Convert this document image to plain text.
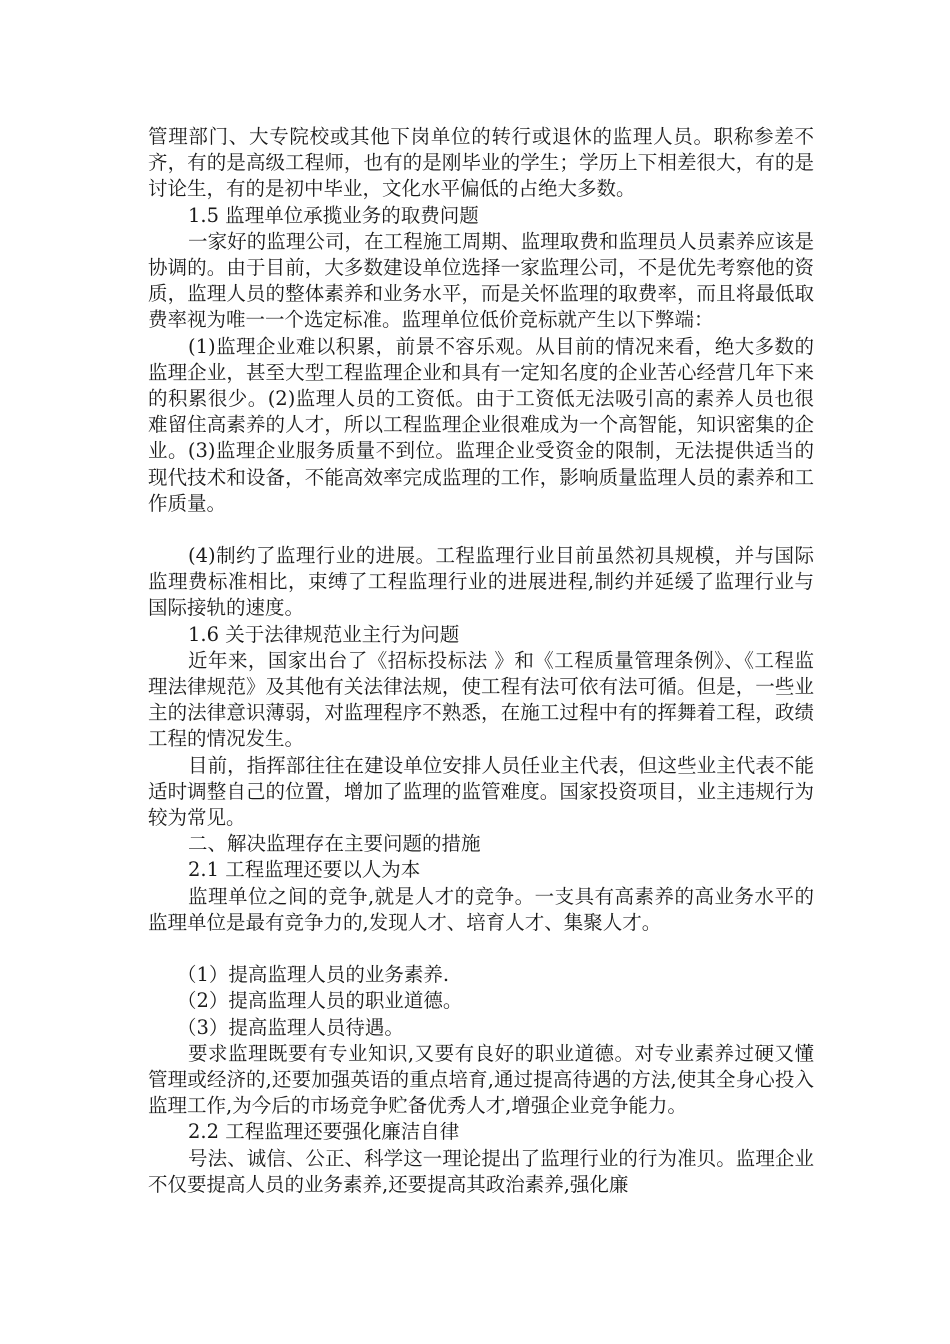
管理部门、大专院校或其他下岗单位的转行或退休的监理人员。职称参差不齐，有的是高级工程师，也有的是刚毕业的学生；学历上下相差很大，有的是讨论生，有的是初中毕业，文化水平偏低的占绝大多数。

1.5 监理单位承揽业务的取费问题

一家好的监理公司，在工程施工周期、监理取费和监理员人员素养应该是协调的。由于目前，大多数建设单位选择一家监理公司，不是优先考察他的资质，监理人员的整体素养和业务水平，而是关怀监理的取费率，而且将最低取费率视为唯一一个选定标准。监理单位低价竞标就产生以下弊端：

(1)监理企业难以积累，前景不容乐观。从目前的情况来看，绝大多数的监理企业，甚至大型工程监理企业和具有一定知名度的企业苦心经营几年下来的积累很少。(2)监理人员的工资低。由于工资低无法吸引高的素养人员也很难留住高素养的人才，所以工程监理企业很难成为一个高智能，知识密集的企业。(3)监理企业服务质量不到位。监理企业受资金的限制，无法提供适当的现代技术和设备，不能高效率完成监理的工作，影响质量监理人员的素养和工作质量。

(4)制约了监理行业的进展。工程监理行业目前虽然初具规模，并与国际监理费标准相比，束缚了工程监理行业的进展进程,制约并延缓了监理行业与国际接轨的速度。

1.6 关于法律规范业主行为问题

近年来，国家出台了《招标投标法 》和《工程质量管理条例》、《工程监理法律规范》及其他有关法律法规，使工程有法可依有法可循。但是，一些业主的法律意识薄弱，对监理程序不熟悉，在施工过程中有的挥舞着工程，政绩工程的情况发生。

目前，指挥部往往在建设单位安排人员任业主代表，但这些业主代表不能适时调整自己的位置，增加了监理的监管难度。国家投资项目，业主违规行为较为常见。

二、解决监理存在主要问题的措施

2.1 工程监理还要以人为本

监理单位之间的竞争,就是人才的竞争。一支具有高素养的高业务水平的监理单位是最有竞争力的,发现人才、培育人才、集聚人才。

（1）提高监理人员的业务素养.

（2）提高监理人员的职业道德。

（3）提高监理人员待遇。

要求监理既要有专业知识,又要有良好的职业道德。对专业素养过硬又懂管理或经济的,还要加强英语的重点培育,通过提高待遇的方法,使其全身心投入监理工作,为今后的市场竞争贮备优秀人才,增强企业竞争能力。

2.2 工程监理还要强化廉洁自律

号法、诚信、公正、科学这一理论提出了监理行业的行为准贝。监理企业不仅要提高人员的业务素养,还要提高其政治素养,强化廉
